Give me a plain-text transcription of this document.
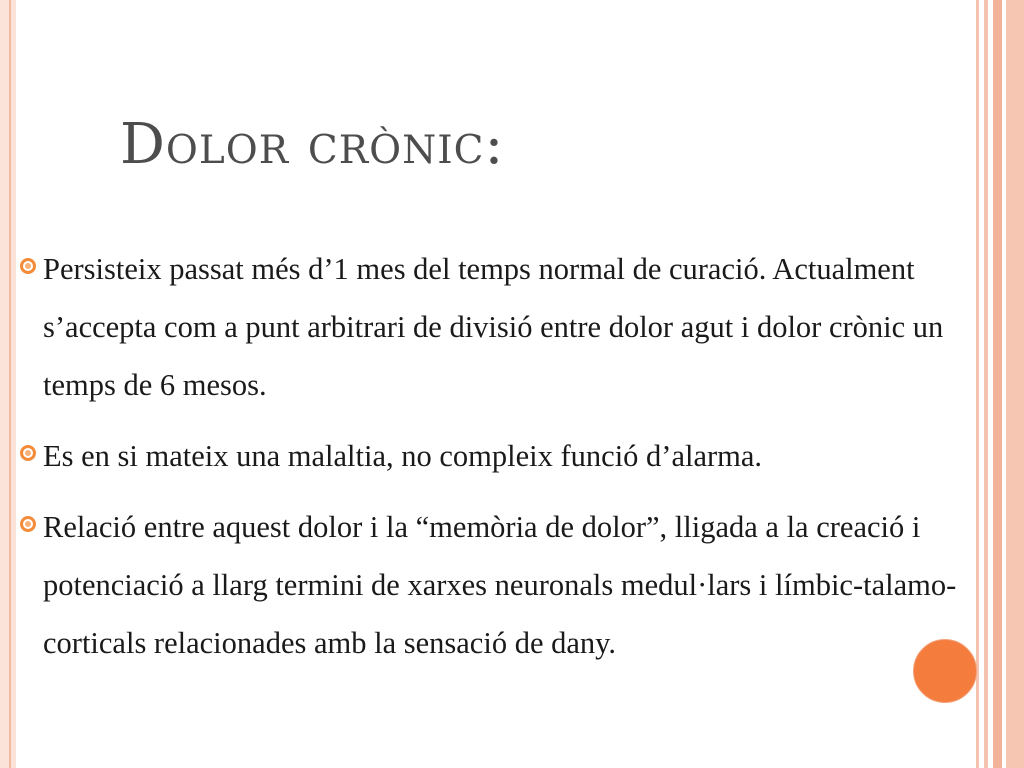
Dolor crònic:
Persisteix passat més d’1 mes del temps normal de curació. Actualment s’accepta com a punt arbitrari de divisió entre dolor agut i dolor crònic un temps de 6 mesos.
Es en si mateix una malaltia, no compleix funció d’alarma.
Relació entre aquest dolor i la “memòria de dolor”, lligada a la creació i potenciació a llarg termini de xarxes neuronals medul·lars i límbic-talamo-corticals relacionades amb la sensació de dany.
